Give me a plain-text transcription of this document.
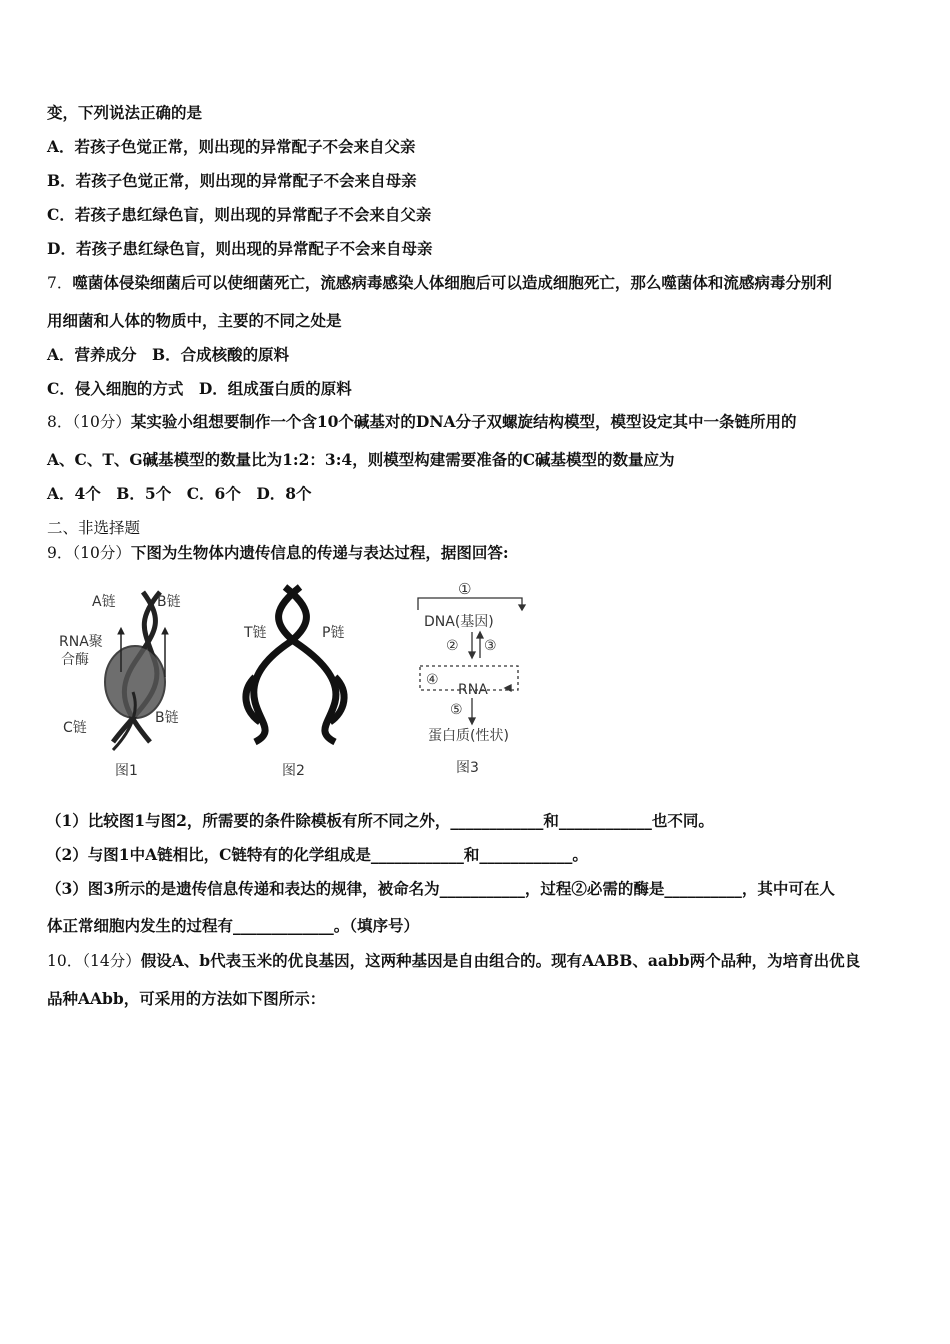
变，下列说法正确的是
A．若孩子色觉正常，则出现的异常配子不会来自父亲
B．若孩子色觉正常，则出现的异常配子不会来自母亲
C．若孩子患红绿色盲，则出现的异常配子不会来自父亲
D．若孩子患红绿色盲，则出现的异常配子不会来自母亲
7．噬菌体侵染细菌后可以使细菌死亡，流感病毒感染人体细胞后可以造成细胞死亡，那么噬菌体和流感病毒分别利
用细菌和人体的物质中，主要的不同之处是
A．营养成分　B．合成核酸的原料
C．侵入细胞的方式　D．组成蛋白质的原料
8．（10分）某实验小组想要制作一个含10个碱基对的DNA分子双螺旋结构模型，模型设定其中一条链所用的
A、C、T、G碱基模型的数量比为1:2：3:4，则模型构建需要准备的C碱基模型的数量应为
A．4个　B．5个　C．6个　D．8个
二、非选择题
9．（10分）下图为生物体内遗传信息的传递与表达过程，据图回答:
A链	B链
RNA聚
合酶
C链
B链
图1
T链	P链
图2
①
DNA(基因)
② ③
④
RNA
⑤
蛋白质(性状)
图3
（1）比较图1与图2，所需要的条件除模板有所不同之外，____________和____________也不同。
（2）与图1中A链相比，C链特有的化学组成是____________和____________。
（3）图3所示的是遗传信息传递和表达的规律，被命名为___________，过程②必需的酶是__________，其中可在人
体正常细胞内发生的过程有_____________。（填序号）
10．（14分）假设A、b代表玉米的优良基因，这两种基因是自由组合的。现有AABB、aabb两个品种，为培育出优良
品种AAbb，可采用的方法如下图所示：
